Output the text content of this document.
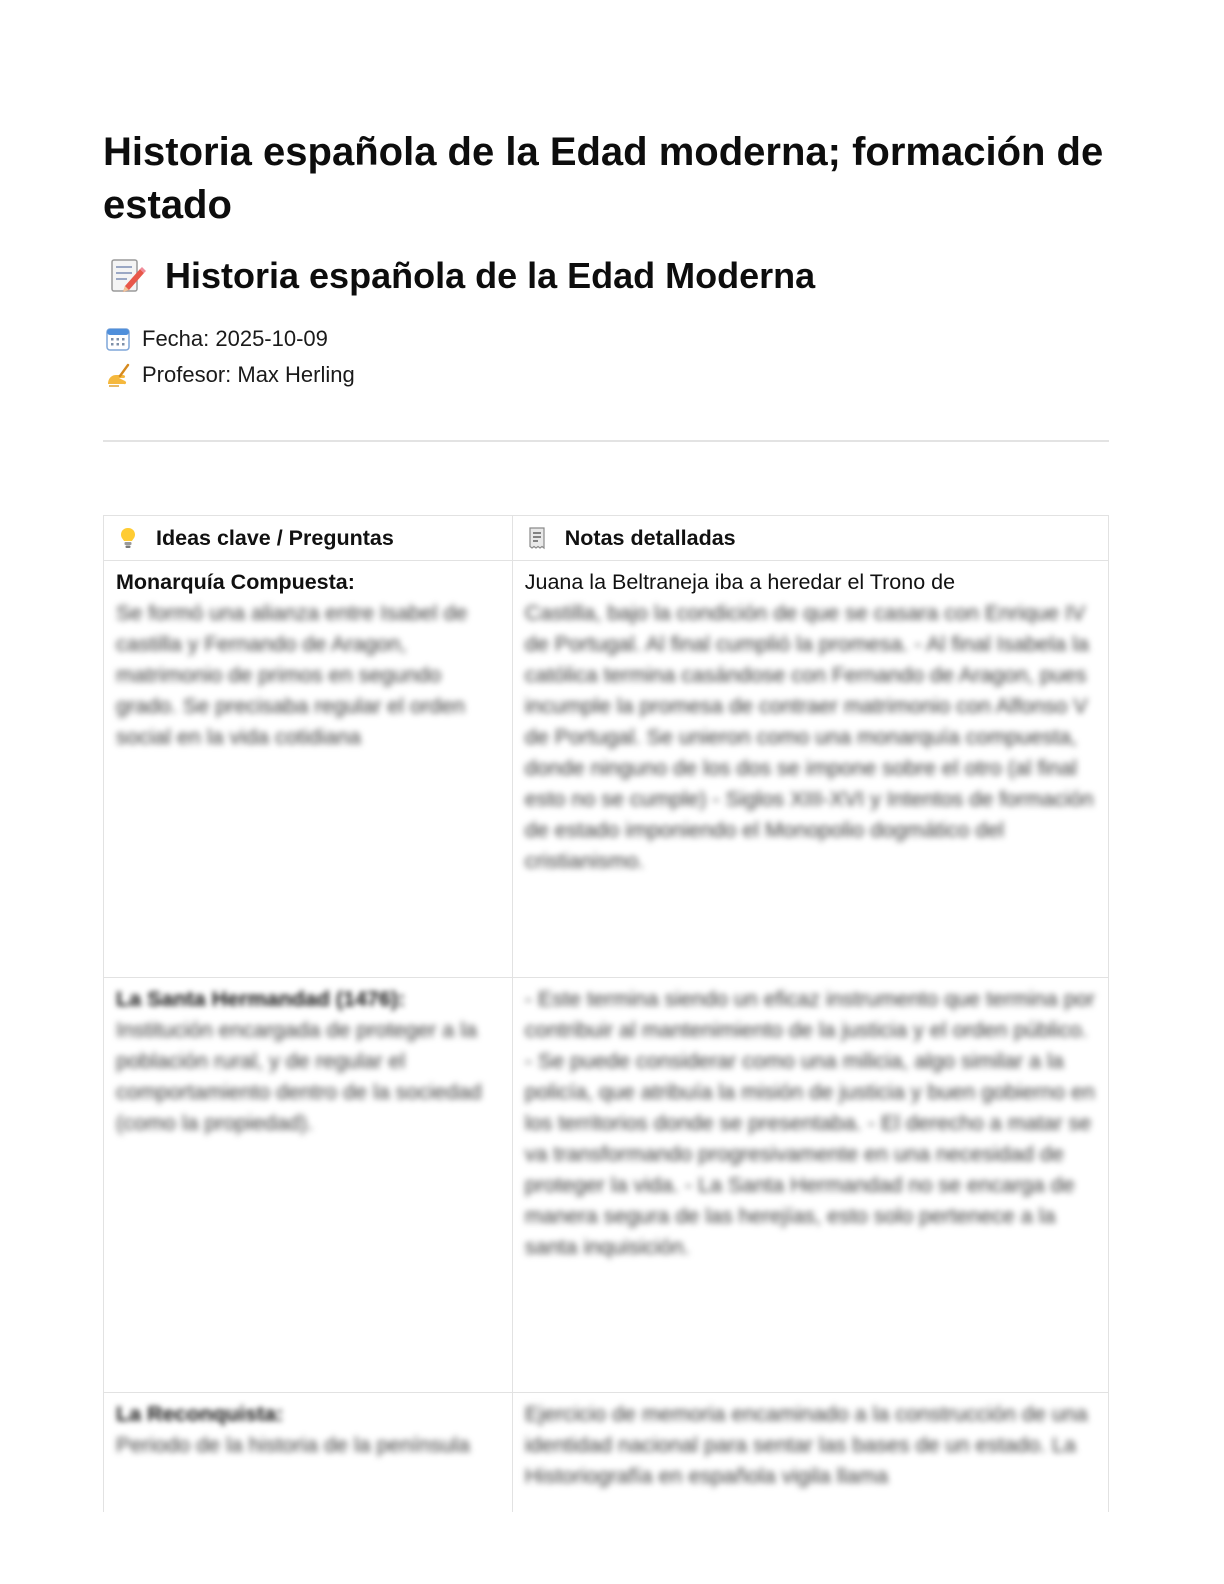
Historia española de la Edad moderna; formación de estado
Historia española de la Edad Moderna
Fecha: 2025-10-09
Profesor: Max Herling
Ideas clave / Preguntas	Notas detalladas

Monarquía Compuesta:
Se formó una alianza entre Isabel de castilla y Fernando de Aragon, matrimonio de primos en segundo grado. Se precisaba regular el orden social en la vida cotidiana	Juana la Beltraneja iba a heredar el Trono de
Castilla, bajo la condición de que se casara con Enrique IV de Portugal. Al final cumplió la promesa. - Al final Isabela la católica termina casándose con Fernando de Aragon, pues incumple la promesa de contraer matrimonio con Alfonso V de Portugal. Se unieron como una monarquía compuesta, donde ninguno de los dos se impone sobre el otro (al final esto no se cumple) - Siglos XIII-XVI y Intentos de formación de estado imponiendo el Monopolio dogmático del cristianismo.

La Santa Hermandad (1476):
Institución encargada de proteger a la población rural, y de regular el comportamiento dentro de la sociedad (como la propiedad).	- Este termina siendo un eficaz instrumento que termina por contribuir al mantenimiento de la justicia y el orden público. - Se puede considerar como una milicia, algo similar a la policía, que atribuía la misión de justicia y buen gobierno en los territorios donde se presentaba. - El derecho a matar se va transformando progresivamente en una necesidad de proteger la vida. - La Santa Hermandad no se encarga de manera segura de las herejías, esto solo pertenece a la santa inquisición.

La Reconquista:
Periodo de la historia de la península	Ejercicio de memoria encaminado a la construcción de una identidad nacional para sentar las bases de un estado. La Historiografía en española vigila llama
